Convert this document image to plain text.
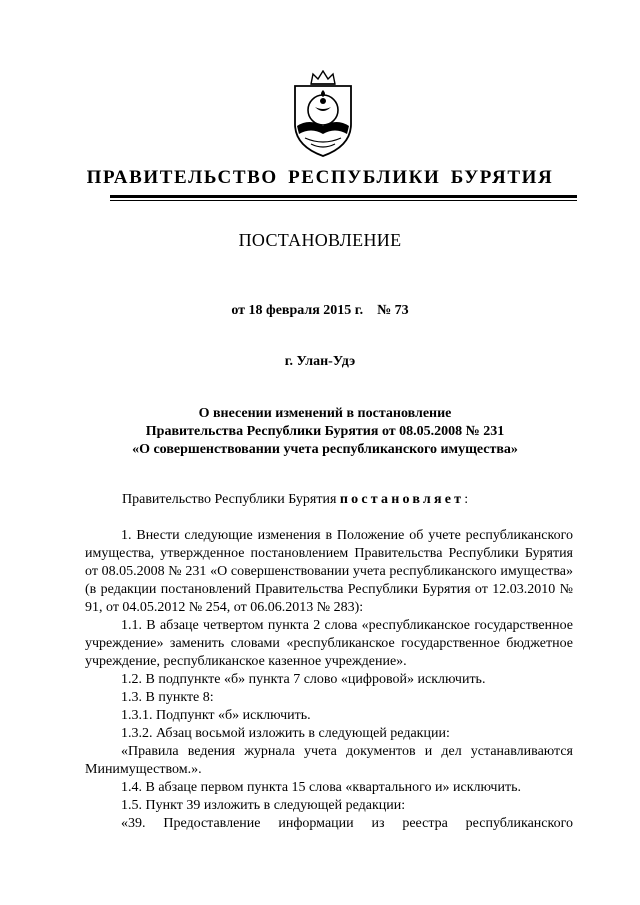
ПРАВИТЕЛЬСТВО РЕСПУБЛИКИ БУРЯТИЯ
ПОСТАНОВЛЕНИЕ
от 18 февраля 2015 г. № 73
г. Улан-Удэ
О внесении изменений в постановление
Правительства Республики Бурятия от 08.05.2008 № 231
«О совершенствовании учета республиканского имущества»
Правительство Республики Бурятия постановляет:

1. Внести следующие изменения в Положение об учете республиканского имущества, утвержденное постановлением Правительства Республики Бурятия от 08.05.2008 № 231 «О совершенствовании учета республиканского имущества» (в редакции постановлений Правительства Республики Бурятия от 12.03.2010 № 91, от 04.05.2012 № 254, от 06.06.2013 № 283):

1.1. В абзаце четвертом пункта 2 слова «республиканское государственное учреждение» заменить словами «республиканское государственное бюджетное учреждение, республиканское казенное учреждение».

1.2. В подпункте «б» пункта 7 слово «цифровой» исключить.

1.3. В пункте 8:

1.3.1. Подпункт «б» исключить.

1.3.2. Абзац восьмой изложить в следующей редакции:

«Правила ведения журнала учета документов и дел устанавливаются Минимуществом.».

1.4. В абзаце первом пункта 15 слова «квартального и» исключить.

1.5. Пункт 39 изложить в следующей редакции:

«39. Предоставление информации из реестра республиканского
